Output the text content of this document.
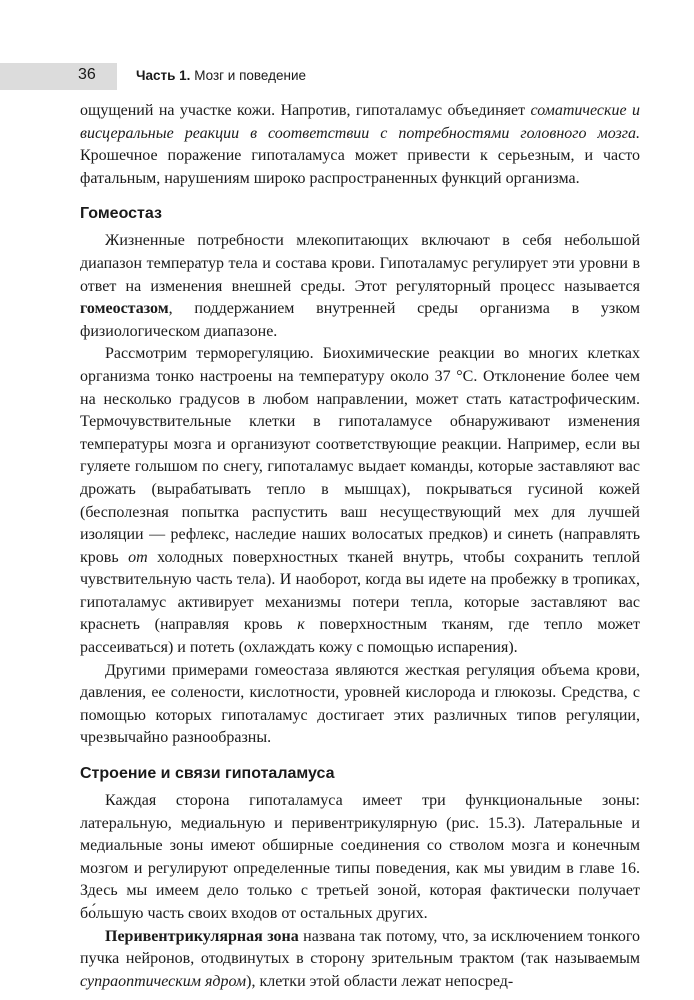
36	Часть 1. Мозг и поведение

ощущений на участке кожи. Напротив, гипоталамус объединяет соматические и висцеральные реакции в соответствии с потребностями головного мозга. Крошечное поражение гипоталамуса может привести к серьезным, и часто фатальным, нарушениям широко распространенных функций организма.

Гомеостаз

Жизненные потребности млекопитающих включают в себя небольшой диапазон температур тела и состава крови. Гипоталамус регулирует эти уровни в ответ на изменения внешней среды. Этот регуляторный процесс называется гомеостазом, поддержанием внутренней среды организма в узком физиологическом диапазоне.

Рассмотрим терморегуляцию. Биохимические реакции во многих клетках организма тонко настроены на температуру около 37 °С. Отклонение более чем на несколько градусов в любом направлении, может стать катастрофическим. Термочувствительные клетки в гипоталамусе обнаруживают изменения температуры мозга и организуют соответствующие реакции. Например, если вы гуляете голышом по снегу, гипоталамус выдает команды, которые заставляют вас дрожать (вырабатывать тепло в мышцах), покрываться гусиной кожей (бесполезная попытка распустить ваш несуществующий мех для лучшей изоляции — рефлекс, наследие наших волосатых предков) и синеть (направлять кровь от холодных поверхностных тканей внутрь, чтобы сохранить теплой чувствительную часть тела). И наоборот, когда вы идете на пробежку в тропиках, гипоталамус активирует механизмы потери тепла, которые заставляют вас краснеть (направляя кровь к поверхностным тканям, где тепло может рассеиваться) и потеть (охлаждать кожу с помощью испарения).

Другими примерами гомеостаза являются жесткая регуляция объема крови, давления, ее солености, кислотности, уровней кислорода и глюкозы. Средства, с помощью которых гипоталамус достигает этих различных типов регуляции, чрезвычайно разнообразны.

Строение и связи гипоталамуса

Каждая сторона гипоталамуса имеет три функциональные зоны: латеральную, медиальную и перивентрикулярную (рис. 15.3). Латеральные и медиальные зоны имеют обширные соединения со стволом мозга и конечным мозгом и регулируют определенные типы поведения, как мы увидим в главе 16. Здесь мы имеем дело только с третьей зоной, которая фактически получает бо́льшую часть своих входов от остальных других.

Перивентрикулярная зона названа так потому, что, за исключением тонкого пучка нейронов, отодвинутых в сторону зрительным трактом (так называемым супраоптическим ядром), клетки этой области лежат непосред-
